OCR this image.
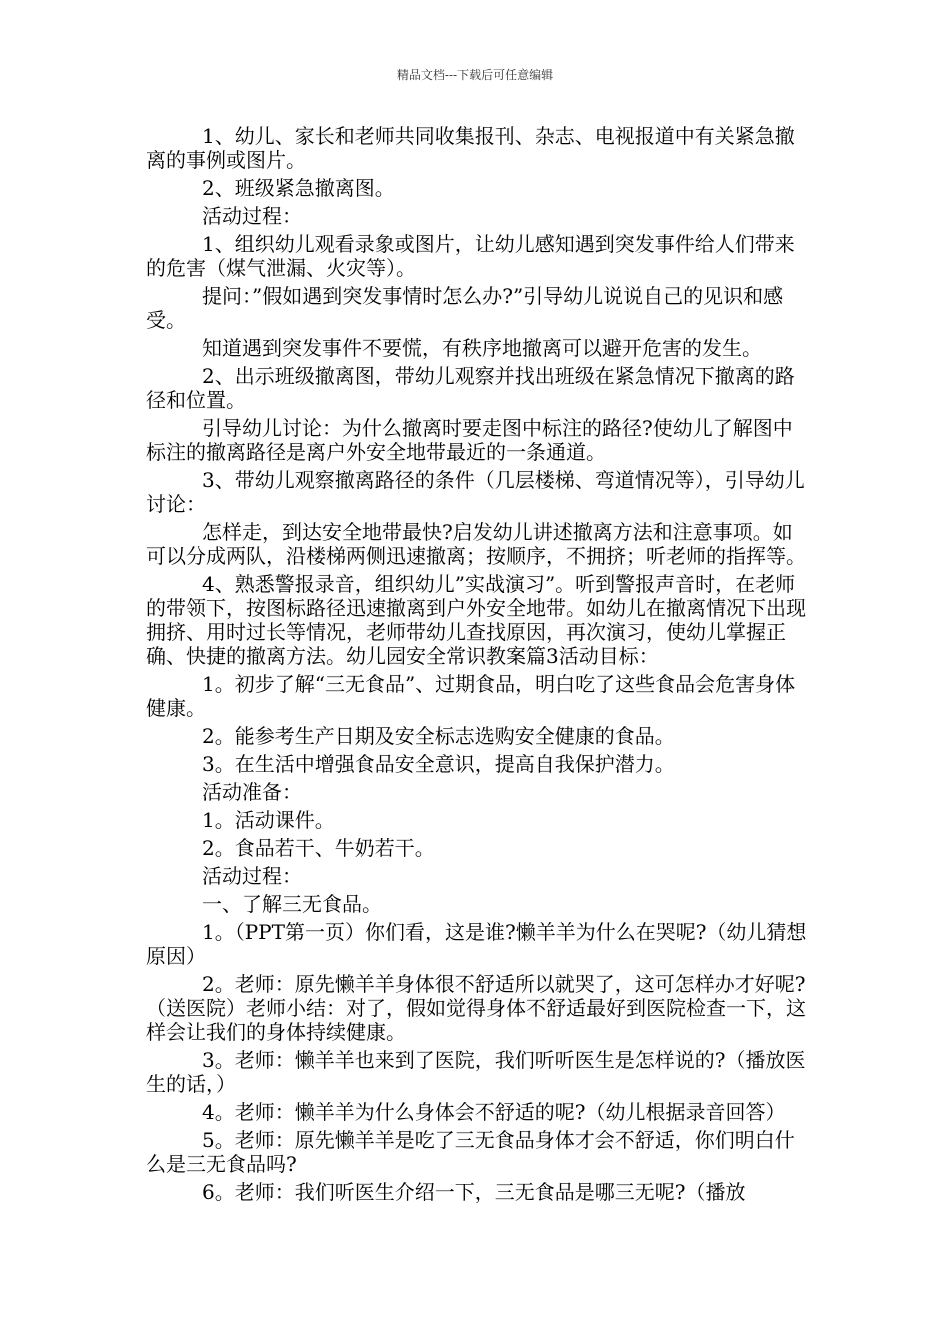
精品文档---下载后可任意编辑

1、幼儿、家长和老师共同收集报刊、杂志、电视报道中有关紧急撤离的事例或图片。

2、班级紧急撤离图。

活动过程：

1、组织幼儿观看录象或图片，让幼儿感知遇到突发事件给人们带来的危害（煤气泄漏、火灾等）。

提问：”假如遇到突发事情时怎么办?”引导幼儿说说自己的见识和感受。

知道遇到突发事件不要慌，有秩序地撤离可以避开危害的发生。

2、出示班级撤离图，带幼儿观察并找出班级在紧急情况下撤离的路径和位置。

引导幼儿讨论：为什么撤离时要走图中标注的路径?使幼儿了解图中标注的撤离路径是离户外安全地带最近的一条通道。

3、带幼儿观察撤离路径的条件（几层楼梯、弯道情况等），引导幼儿讨论：

怎样走，到达安全地带最快?启发幼儿讲述撤离方法和注意事项。如可以分成两队，沿楼梯两侧迅速撤离；按顺序，不拥挤；听老师的指挥等。

4、熟悉警报录音，组织幼儿”实战演习”。听到警报声音时，在老师的带领下，按图标路径迅速撤离到户外安全地带。如幼儿在撤离情况下出现拥挤、用时过长等情况，老师带幼儿查找原因，再次演习，使幼儿掌握正确、快捷的撤离方法。幼儿园安全常识教案篇3活动目标：

1。初步了解“三无食品”、过期食品，明白吃了这些食品会危害身体健康。

2。能参考生产日期及安全标志选购安全健康的食品。

3。在生活中增强食品安全意识，提高自我保护潜力。

活动准备：

1。活动课件。

2。食品若干、牛奶若干。

活动过程：

一、了解三无食品。

1。（PPT第一页）你们看，这是谁?懒羊羊为什么在哭呢?（幼儿猜想原因）

2。老师：原先懒羊羊身体很不舒适所以就哭了，这可怎样办才好呢?（送医院）老师小结：对了，假如觉得身体不舒适最好到医院检查一下，这样会让我们的身体持续健康。

3。老师：懒羊羊也来到了医院，我们听听医生是怎样说的?（播放医生的话，）

4。老师：懒羊羊为什么身体会不舒适的呢?（幼儿根据录音回答）

5。老师：原先懒羊羊是吃了三无食品身体才会不舒适，你们明白什么是三无食品吗?

6。老师：我们听医生介绍一下，三无食品是哪三无呢?（播放
